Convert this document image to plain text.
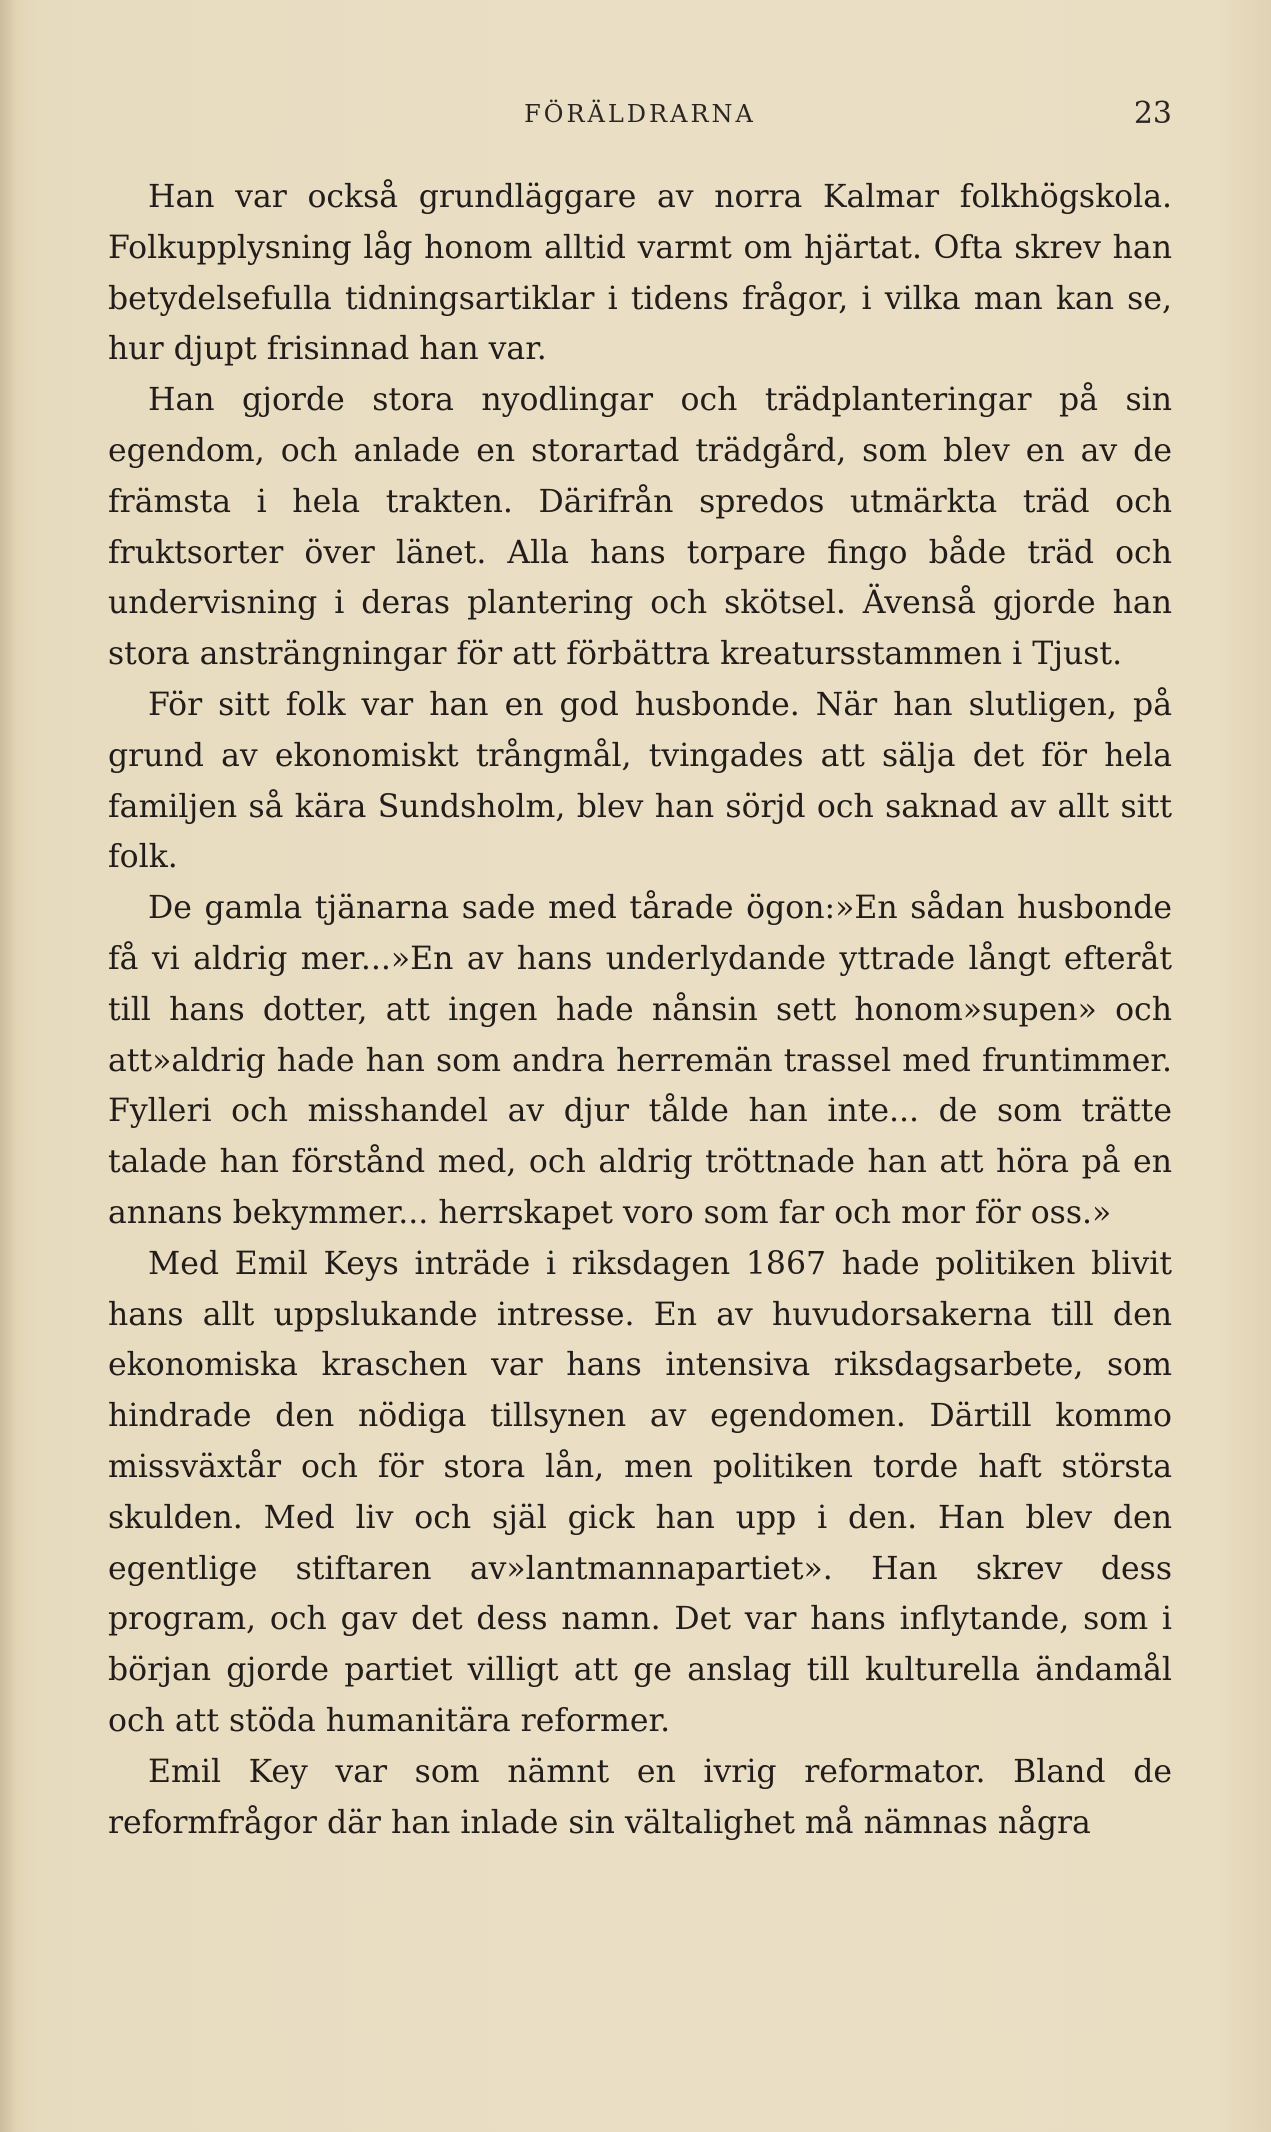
FÖRÄLDRARNA	23

Han var också grundläggare av norra Kalmar folkhögskola. Folkupplysning låg honom alltid varmt om hjärtat. Ofta skrev han betydelsefulla tidningsartiklar i tidens frågor, i vilka man kan se, hur djupt frisinnad han var.

Han gjorde stora nyodlingar och trädplanteringar på sin egendom, och anlade en storartad trädgård, som blev en av de främsta i hela trakten. Därifrån spredos utmärkta träd och fruktsorter över länet. Alla hans torpare fingo både träd och undervisning i deras plantering och skötsel. Ävenså gjorde han stora ansträngningar för att förbättra kreatursstammen i Tjust.

För sitt folk var han en god husbonde. När han slutligen, på grund av ekonomiskt trångmål, tvingades att sälja det för hela familjen så kära Sundsholm, blev han sörjd och saknad av allt sitt folk.

De gamla tjänarna sade med tårade ögon:»En sådan husbonde få vi aldrig mer...»En av hans underlydande yttrade långt efteråt till hans dotter, att ingen hade nånsin sett honom»supen» och att»aldrig hade han som andra herremän trassel med fruntimmer. Fylleri och misshandel av djur tålde han inte... de som trätte talade han förstånd med, och aldrig tröttnade han att höra på en annans bekymmer... herrskapet voro som far och mor för oss.»

Med Emil Keys inträde i riksdagen 1867 hade politiken blivit hans allt uppslukande intresse. En av huvudorsakerna till den ekonomiska kraschen var hans intensiva riksdagsarbete, som hindrade den nödiga tillsynen av egendomen. Därtill kommo missväxtår och för stora lån, men politiken torde haft största skulden. Med liv och själ gick han upp i den. Han blev den egentlige stiftaren av»lantmannapartiet». Han skrev dess program, och gav det dess namn. Det var hans inflytande, som i början gjorde partiet villigt att ge anslag till kulturella ändamål och att stöda humanitära reformer.

Emil Key var som nämnt en ivrig reformator. Bland de reformfrågor där han inlade sin vältalighet må nämnas några
